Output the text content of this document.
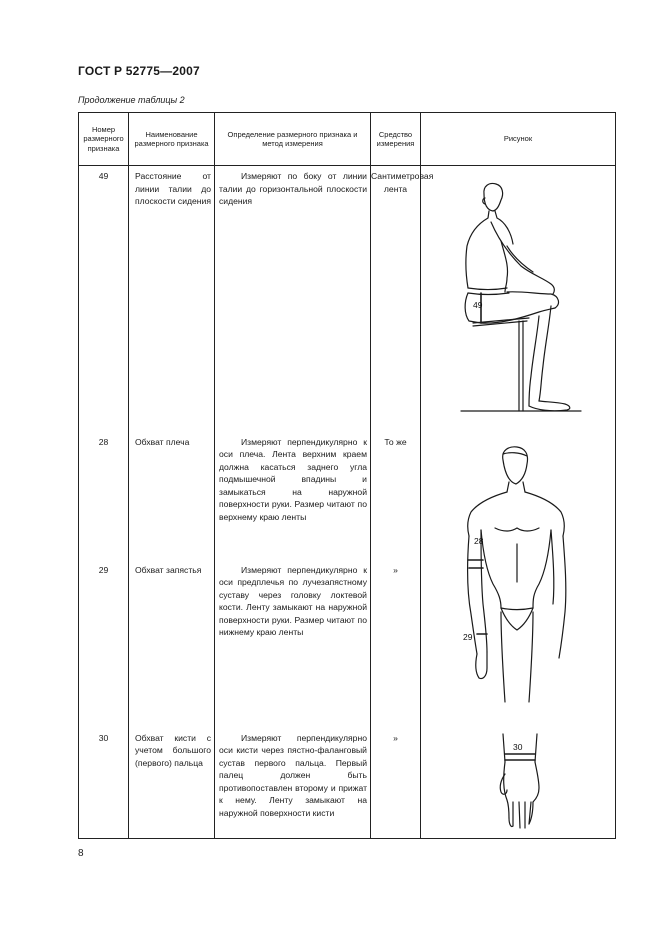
ГОСТ Р 52775—2007
Продолжение таблицы 2
Номер размерного признака	Наименование размерного признака	Определение размерного признака и метод измерения	Средство измерения	Рисунок
49	Расстояние от линии талии до плоскости сидения	Измеряют по боку от линии талии до горизонтальной плоскости сидения	Сантиметровая лента	49

28	Обхват плеча	Измеряют перпендикулярно к оси плеча. Лента верхним краем должна касаться заднего угла подмышечной впадины и замыкаться на наружной поверхности руки. Размер читают по верхнему краю ленты	То же	28
29

29	Обхват запястья	Измеряют перпендикулярно к оси предплечья по лучезапястному суставу через головку локтевой кости. Ленту замыкают на наружной поверхности руки. Размер читают по нижнему краю ленты	»	
30	Обхват кисти с учетом большого (первого) пальца	Измеряют перпендикулярно оси кисти через пястно-фаланговый сустав первого пальца. Первый палец должен быть противопоставлен второму и прижат к нему. Ленту замыкают на наружной поверхности кисти	»	30
8
